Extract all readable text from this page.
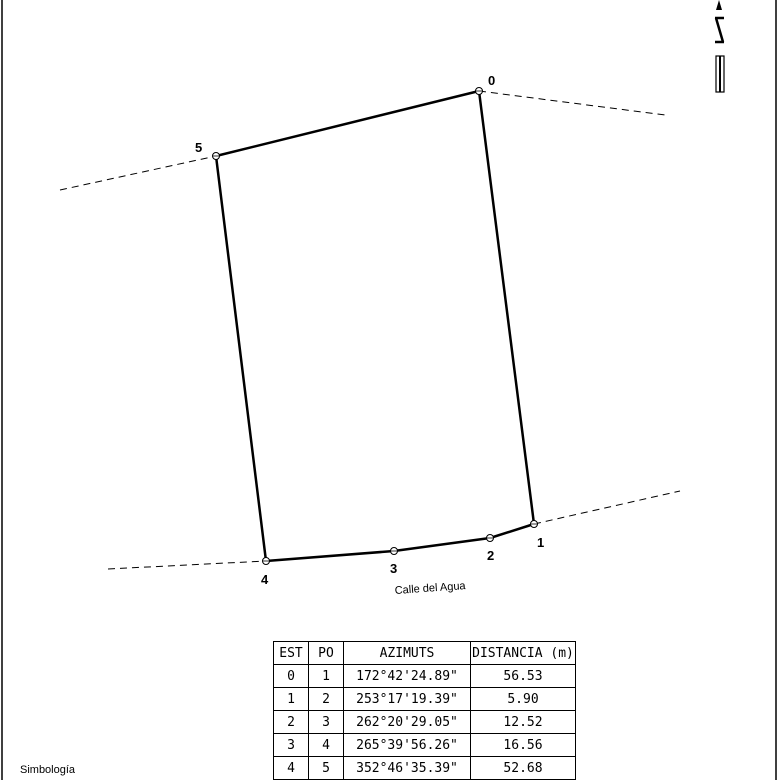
0
1
2
3
4
5
Calle del Agua
EST	PO	AZIMUTS	DISTANCIA (m)
0	1	172°42'24.89"	56.53
1	2	253°17'19.39"	5.90
2	3	262°20'29.05"	12.52
3	4	265°39'56.26"	16.56
4	5	352°46'35.39"	52.68
Simbología
